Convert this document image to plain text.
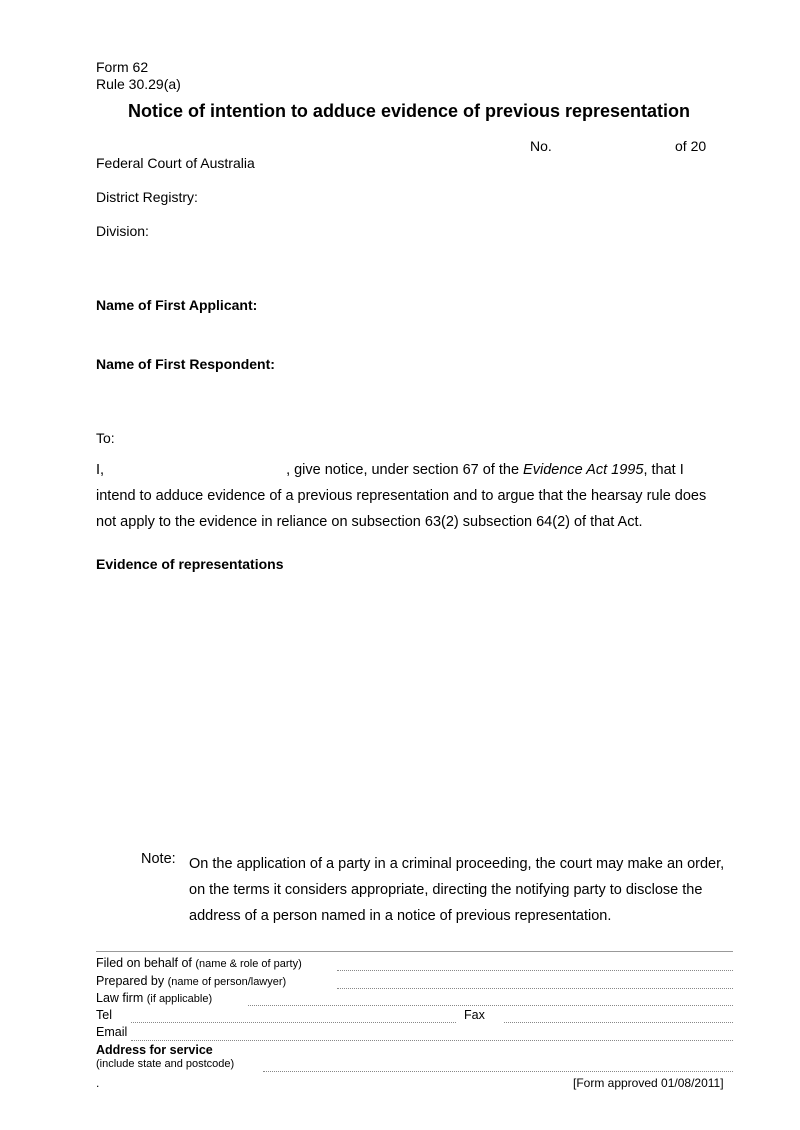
Form 62
Rule 30.29(a)
Notice of intention to adduce evidence of previous representation
No.	of 20
Federal Court of Australia
District Registry:
Division:
Name of First Applicant:
Name of First Respondent:
To:
I,	, give notice, under section 67 of the Evidence Act 1995, that I
intend to adduce evidence of a previous representation and to argue that the hearsay rule does
not apply to the evidence in reliance on subsection 63(2) subsection 64(2) of that Act.
Evidence of representations
Note: On the application of a party in a criminal proceeding, the court may make an order, on the terms it considers appropriate, directing the notifying party to disclose the address of a person named in a notice of previous representation.
Filed on behalf of (name & role of party)
Prepared by (name of person/lawyer)
Law firm (if applicable)
Tel	Fax
Email
Address for service
(include state and postcode)
.	[Form approved 01/08/2011]
